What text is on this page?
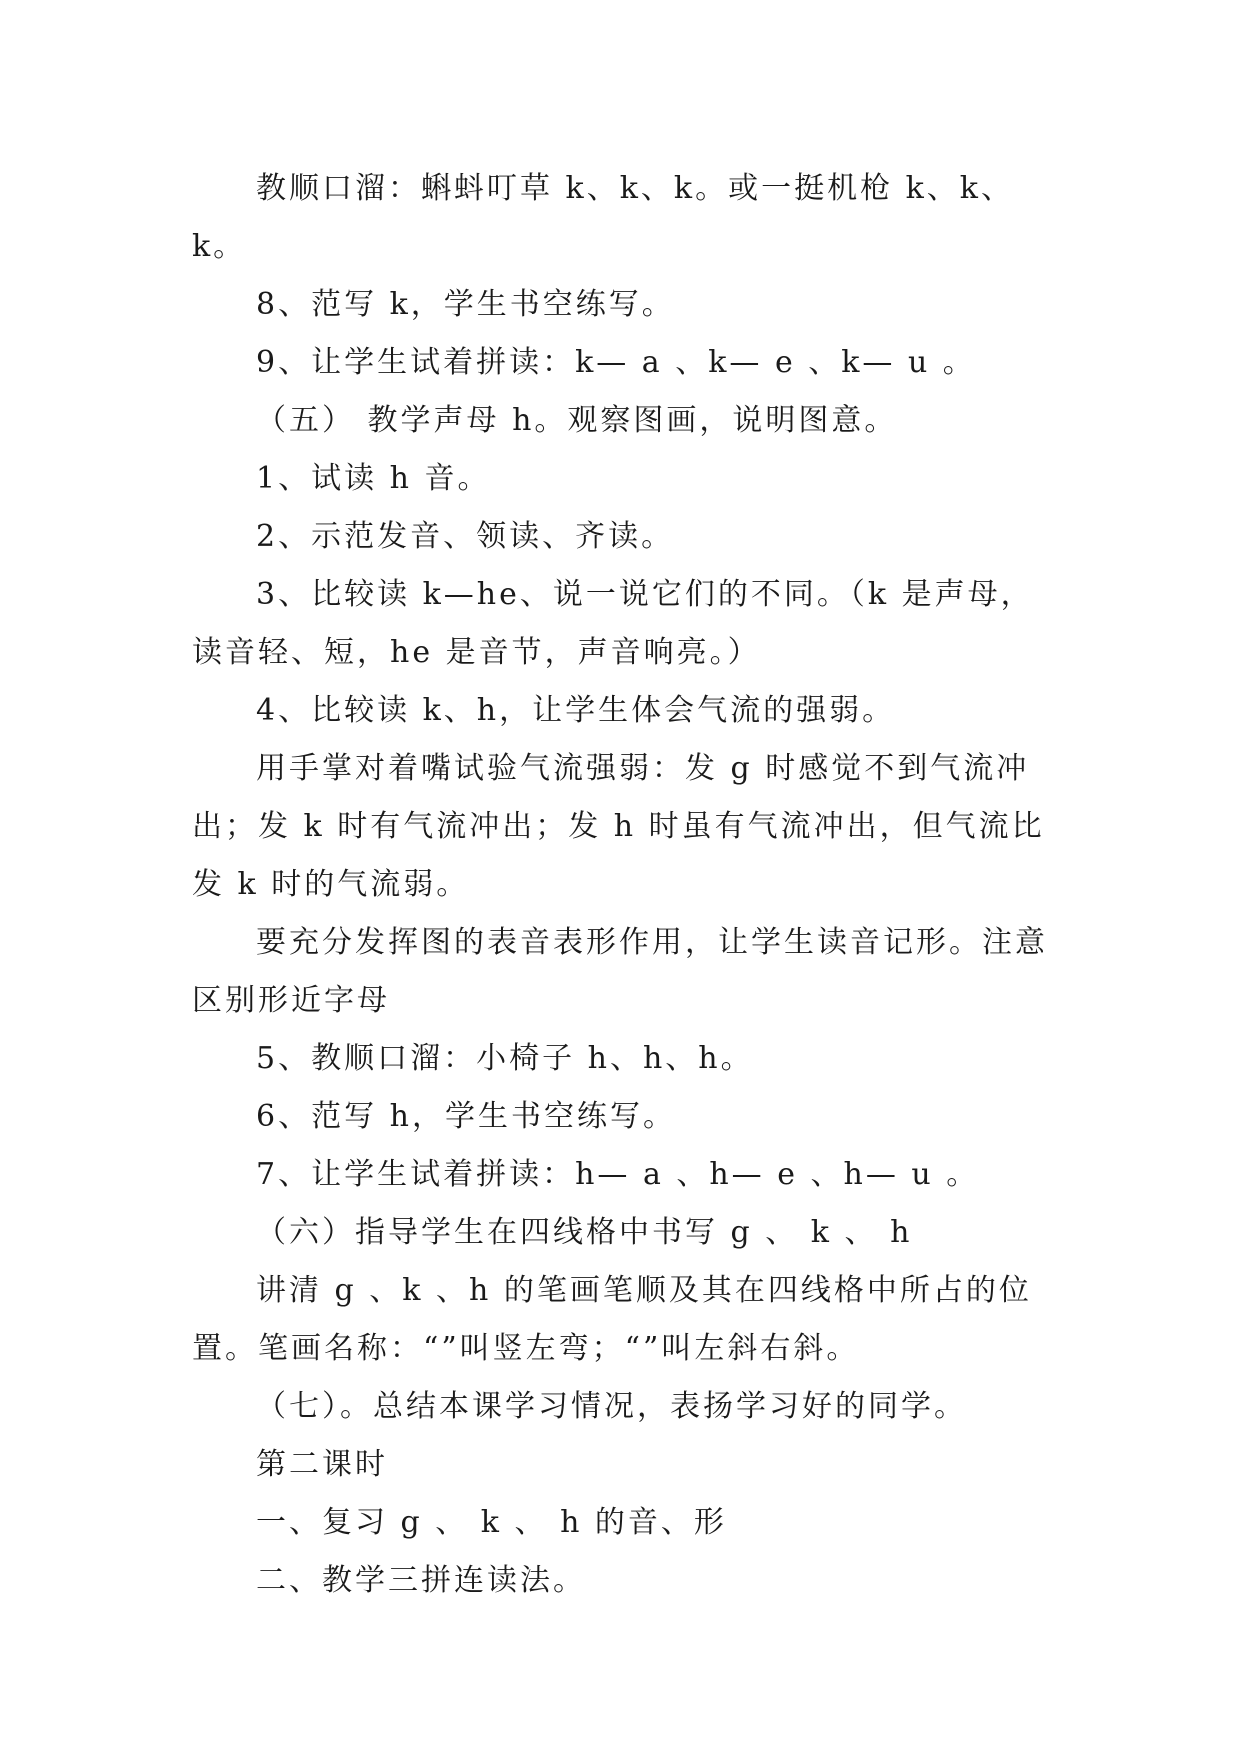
教顺口溜：蝌蚪叮草 k、k、k。或一挺机枪 k、k、k。

8、范写 k，学生书空练写。

9、让学生试着拼读：k— a 、k— e 、k— u 。

（五） 教学声母 h。观察图画，说明图意。

1、试读 h 音。

2、示范发音、领读、齐读。

3、比较读 k—he、说一说它们的不同。（k 是声母，读音轻、短，he 是音节，声音响亮。）

4、比较读 k、h，让学生体会气流的强弱。

用手掌对着嘴试验气流强弱：发 g 时感觉不到气流冲出；发 k 时有气流冲出；发 h 时虽有气流冲出，但气流比发 k 时的气流弱。

要充分发挥图的表音表形作用，让学生读音记形。注意区别形近字母

5、教顺口溜：小椅子 h、h、h。

6、范写 h，学生书空练写。

7、让学生试着拼读：h— a 、h— e 、h— u 。

（六）指导学生在四线格中书写 g 、 k 、 h

讲清 g 、k 、h 的笔画笔顺及其在四线格中所占的位置。笔画名称：“”叫竖左弯；“”叫左斜右斜。

（七）。总结本课学习情况，表扬学习好的同学。

第二课时

一、复习 g 、 k 、 h 的音、形

二、教学三拼连读法。
